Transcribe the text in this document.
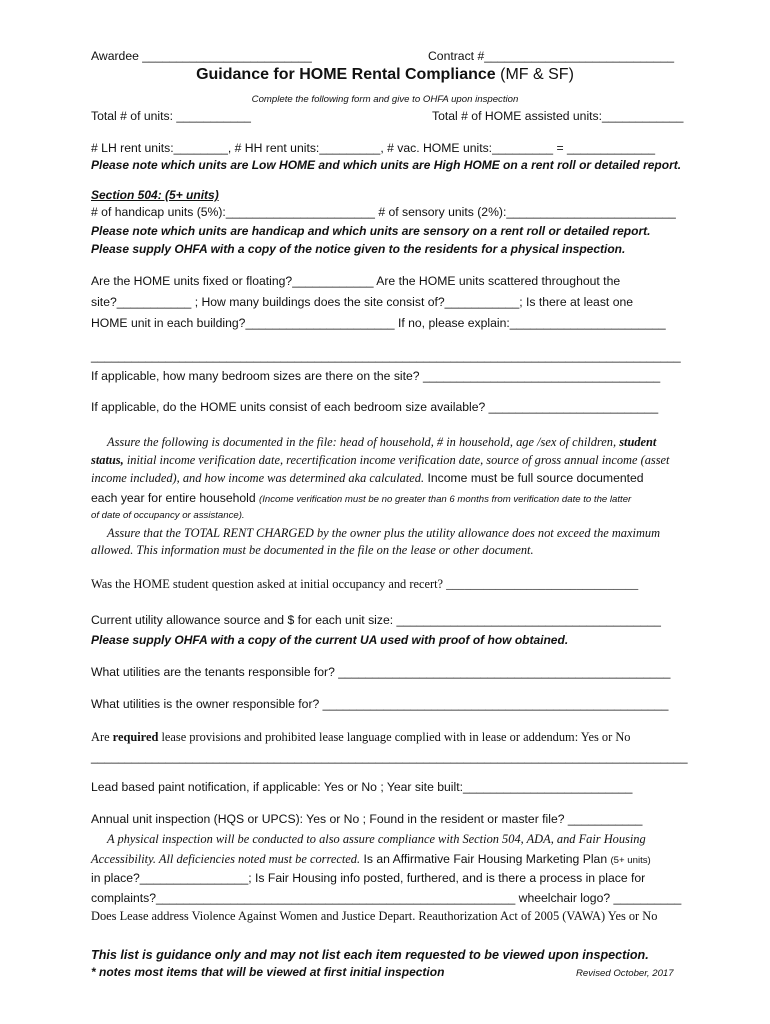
Awardee _________________________	Contract #____________________________
Guidance for HOME Rental Compliance (MF & SF)
Complete the following form and give to OHFA upon inspection
Total # of units: ___________	Total # of HOME assisted units:____________
# LH rent units:________, # HH rent units:_________, # vac. HOME units:_________ = _____________
Please note which units are Low HOME and which units are High HOME on a rent roll or detailed report.
Section 504: (5+ units)
# of handicap units (5%):______________________ # of sensory units (2%):_________________________
Please note which units are handicap and which units are sensory on a rent roll or detailed report.
Please supply OHFA with a copy of the notice given to the residents for a physical inspection.
Are the HOME units fixed or floating?____________ Are the HOME units scattered throughout the
site?___________ ; How many buildings does the site consist of?___________; Is there at least one
HOME unit in each building?______________________ If no, please explain:_______________________
_______________________________________________________________________________________
If applicable, how many bedroom sizes are there on the site? ___________________________________
If applicable, do the HOME units consist of each bedroom size available? _________________________
Assure the following is documented in the file: head of household, # in household, age /sex of children, student
status, initial income verification date, recertification income verification date, source of gross annual income (asset
income included), and how income was determined aka calculated. Income must be full source documented
each year for entire household (Income verification must be no greater than 6 months from verification date to the latter
of date of occupancy or assistance).
Assure that the TOTAL RENT CHARGED by the owner plus the utility allowance does not exceed the maximum
allowed. This information must be documented in the file on the lease or other document.
Was the HOME student question asked at initial occupancy and recert? _______________________________
Current utility allowance source and $ for each unit size: _______________________________________
Please supply OHFA with a copy of the current UA used with proof of how obtained.
What utilities are the tenants responsible for? _________________________________________________
What utilities is the owner responsible for? ___________________________________________________
Are required lease provisions and prohibited lease language complied with in lease or addendum: Yes or No
________________________________________________________________________________________
Lead based paint notification, if applicable: Yes or No ; Year site built:_________________________
Annual unit inspection (HQS or UPCS): Yes or No ; Found in the resident or master file? ___________
A physical inspection will be conducted to also assure compliance with Section 504, ADA, and Fair Housing
Accessibility. All deficiencies noted must be corrected. Is an Affirmative Fair Housing Marketing Plan (5+ units)
in place?________________; Is Fair Housing info posted, furthered, and is there a process in place for
complaints?_____________________________________________________ wheelchair logo? __________
Does Lease address Violence Against Women and Justice Depart. Reauthorization Act of 2005 (VAWA) Yes or No
This list is guidance only and may not list each item requested to be viewed upon inspection.
* notes most items that will be viewed at first initial inspection	Revised October, 2017
